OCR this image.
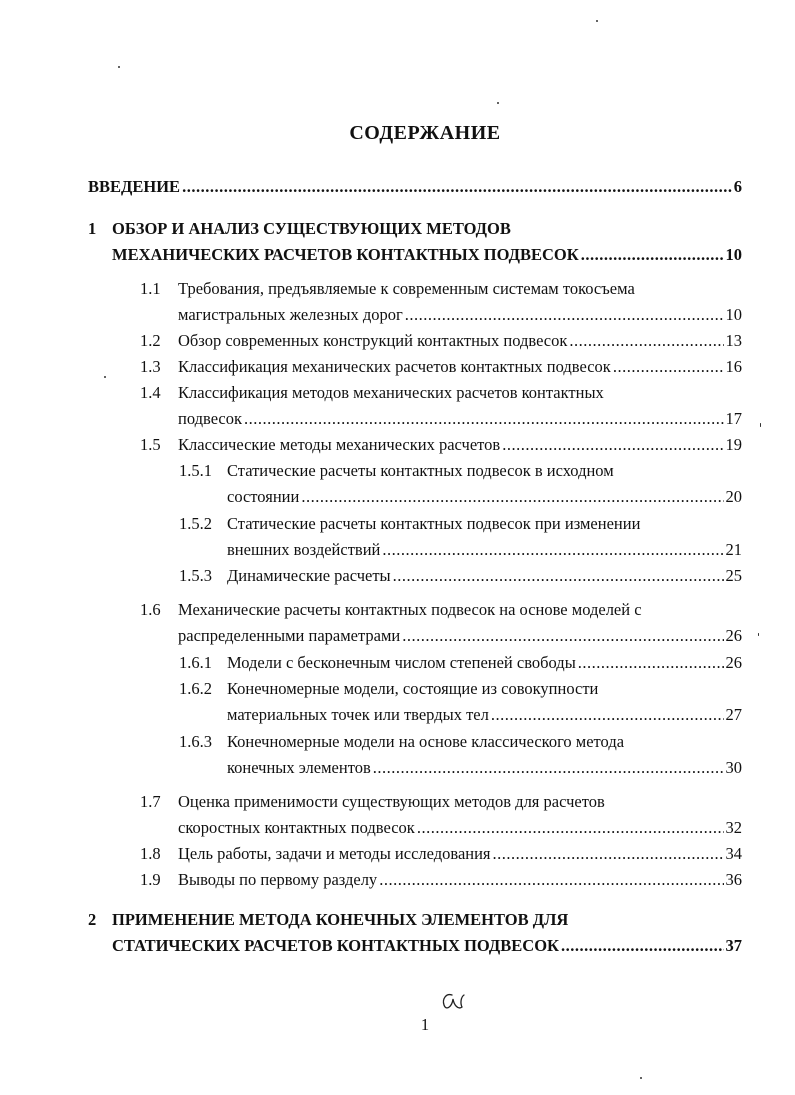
СОДЕРЖАНИЕ
ВВЕДЕНИЕ .....	6
1 ОБЗОР И АНАЛИЗ СУЩЕСТВУЮЩИХ МЕТОДОВ
МЕХАНИЧЕСКИХ РАСЧЕТОВ КОНТАКТНЫХ ПОДВЕСОК .....	10
1.1 Требования, предъявляемые к современным системам токосъема
магистральных железных дорог .....	10
1.2 Обзор современных конструкций контактных подвесок .....	13
1.3 Классификация механических расчетов контактных подвесок .....	16
1.4 Классификация методов механических расчетов контактных
подвесок .....	17
1.5 Классические методы механических расчетов .....	19
1.5.1 Статические расчеты контактных подвесок в исходном
состоянии .....	20
1.5.2 Статические расчеты контактных подвесок при изменении
внешних воздействий .....	21
1.5.3 Динамические расчеты .....	25
1.6 Механические расчеты контактных подвесок на основе моделей с
распределенными параметрами .....	26
1.6.1 Модели с бесконечным числом степеней свободы .....	26
1.6.2 Конечномерные модели, состоящие из совокупности
материальных точек или твердых тел .....	27
1.6.3 Конечномерные модели на основе классического метода
конечных элементов .....	30
1.7 Оценка применимости существующих методов для расчетов
скоростных контактных подвесок .....	32
1.8 Цель работы, задачи и методы исследования .....	34
1.9 Выводы по первому разделу .....	36
2 ПРИМЕНЕНИЕ МЕТОДА КОНЕЧНЫХ ЭЛЕМЕНТОВ ДЛЯ
СТАТИЧЕСКИХ РАСЧЕТОВ КОНТАКТНЫХ ПОДВЕСОК .....	37
1
